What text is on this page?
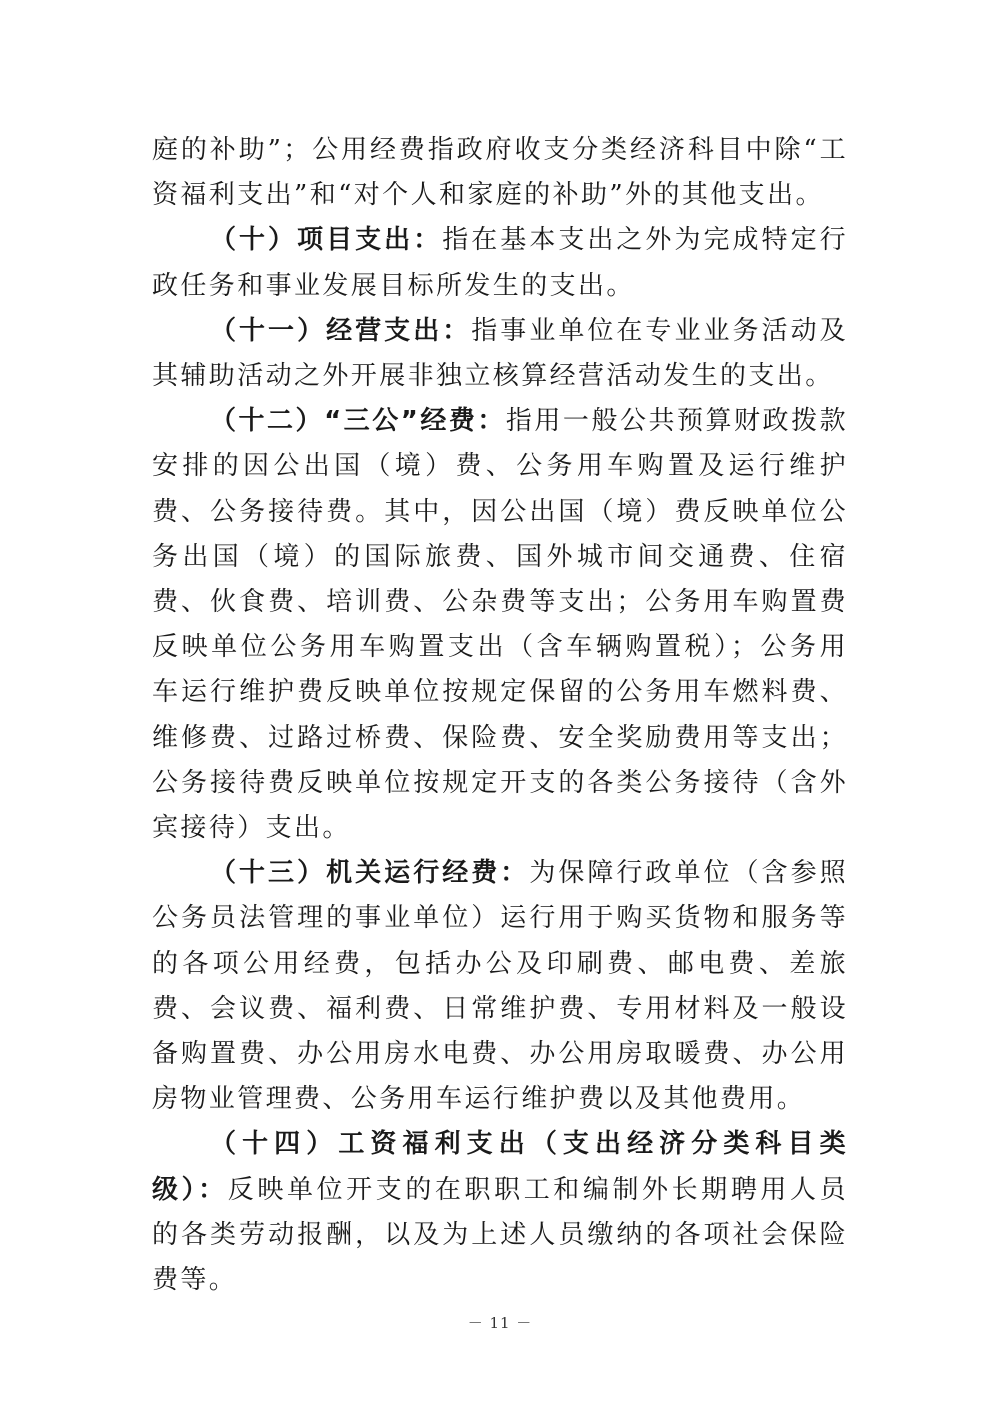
庭的补助”；公用经费指政府收支分类经济科目中除“工资福利支出”和“对个人和家庭的补助”外的其他支出。

（十）项目支出：指在基本支出之外为完成特定行政任务和事业发展目标所发生的支出。

（十一）经营支出：指事业单位在专业业务活动及其辅助活动之外开展非独立核算经营活动发生的支出。

（十二）“三公”经费：指用一般公共预算财政拨款安排的因公出国（境）费、公务用车购置及运行维护费、公务接待费。其中，因公出国（境）费反映单位公务出国（境）的国际旅费、国外城市间交通费、住宿费、伙食费、培训费、公杂费等支出；公务用车购置费反映单位公务用车购置支出（含车辆购置税）；公务用车运行维护费反映单位按规定保留的公务用车燃料费、维修费、过路过桥费、保险费、安全奖励费用等支出；公务接待费反映单位按规定开支的各类公务接待（含外宾接待）支出。

（十三）机关运行经费：为保障行政单位（含参照公务员法管理的事业单位）运行用于购买货物和服务等的各项公用经费，包括办公及印刷费、邮电费、差旅费、会议费、福利费、日常维护费、专用材料及一般设备购置费、办公用房水电费、办公用房取暖费、办公用房物业管理费、公务用车运行维护费以及其他费用。

（十四）工资福利支出（支出经济分类科目类级）：反映单位开支的在职职工和编制外长期聘用人员的各类劳动报酬，以及为上述人员缴纳的各项社会保险费等。

－ 11 －
